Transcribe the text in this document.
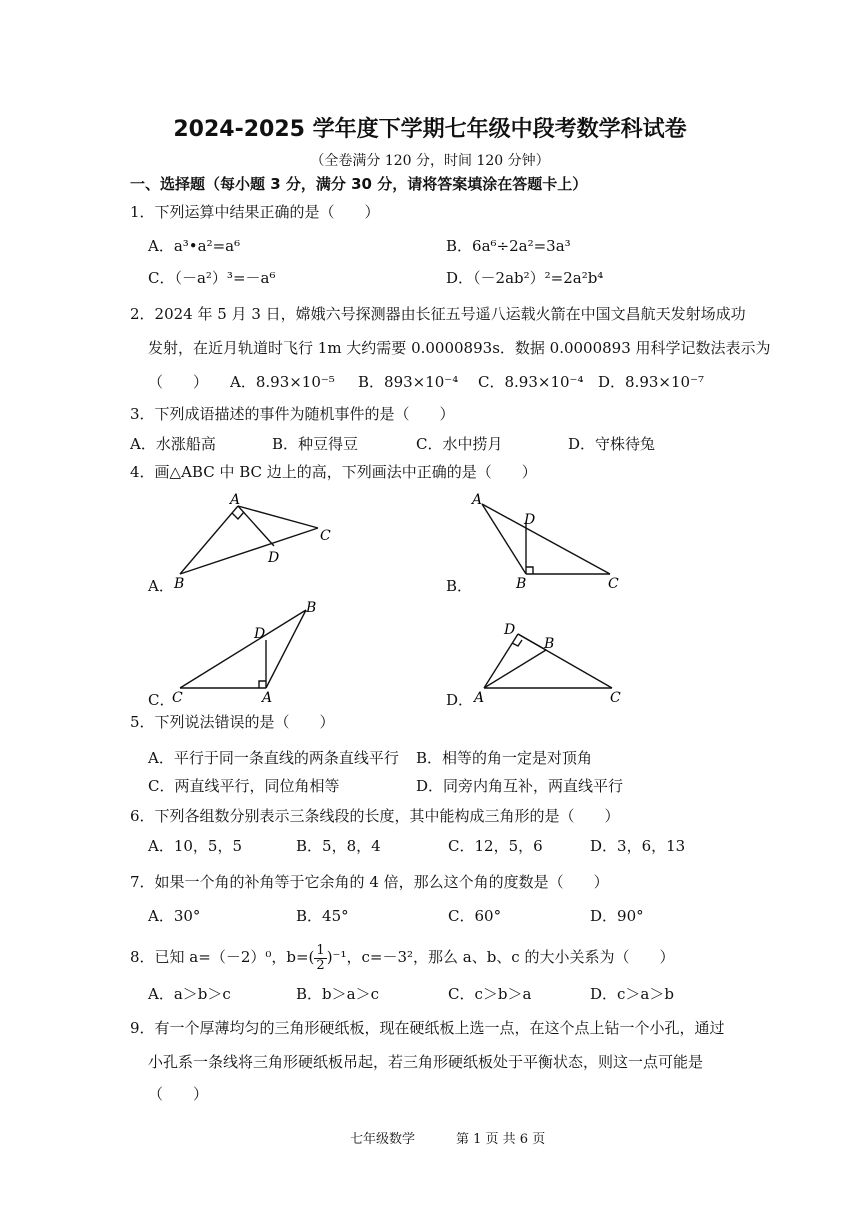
2024-2025 学年度下学期七年级中段考数学科试卷
（全卷满分 120 分，时间 120 分钟）
一、选择题（每小题 3 分，满分 30 分，请将答案填涂在答题卡上）
1．下列运算中结果正确的是（　　）
A．a³•a²=a⁶	B．6a⁶÷2a²=3a³
C．（－a²）³=－a⁶	D．（－2ab²）²=2a²b⁴
2．2024 年 5 月 3 日，嫦娥六号探测器由长征五号遥八运载火箭在中国文昌航天发射场成功
发射，在近月轨道时飞行 1m 大约需要 0.0000893s．数据 0.0000893 用科学记数法表示为
（　　） A．8.93×10⁻⁵ B．893×10⁻⁴ C．8.93×10⁻⁴ D．8.93×10⁻⁷
3．下列成语描述的事件为随机事件的是（　　）
A．水涨船高	B．种豆得豆	C．水中捞月	D．守株待兔
4．画△ABC 中 BC 边上的高，下列画法中正确的是（　　）
A．
A
B
C
D
B．
A
B	C
D
C．
C	A
B
D
D．
D
B
A	C
5．下列说法错误的是（　　）
A．平行于同一条直线的两条直线平行 B．相等的角一定是对顶角
C．两直线平行，同位角相等	D．同旁内角互补，两直线平行
6．下列各组数分别表示三条线段的长度，其中能构成三角形的是（　　）
A．10，5，5	B．5，8，4	C．12，5，6	D．3，6，13
7．如果一个角的补角等于它余角的 4 倍，那么这个角的度数是（　　）
A．30°	B．45°	C．60°	D．90°
8．已知 a=（－2）⁰，$b=( \frac{1}{2} )^{-1}$，c=－3²，那么 a、b、c 的大小关系为（　　）
A．a＞b＞c	B．b＞a＞c	C．c＞b＞a	D．c＞a＞b
9．有一个厚薄均匀的三角形硬纸板，现在硬纸板上选一点，在这个点上钻一个小孔，通过
小孔系一条线将三角形硬纸板吊起，若三角形硬纸板处于平衡状态，则这一点可能是
（　　）
七年级数学	第 1 页 共 6 页
